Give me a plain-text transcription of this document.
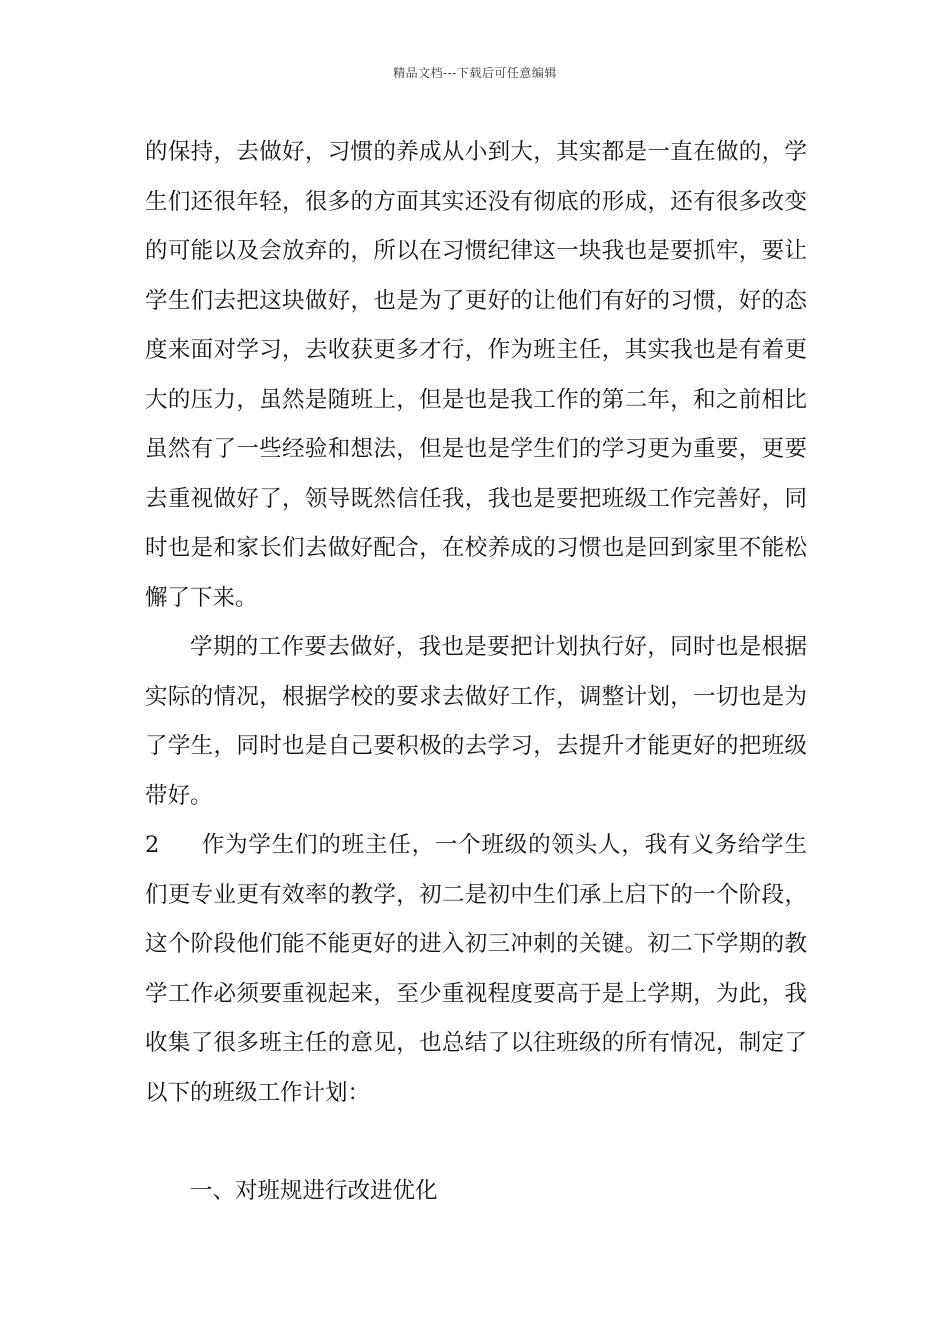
精品文档---下载后可任意编辑

的保持，去做好，习惯的养成从小到大，其实都是一直在做的，学生们还很年轻，很多的方面其实还没有彻底的形成，还有很多改变的可能以及会放弃的，所以在习惯纪律这一块我也是要抓牢，要让学生们去把这块做好，也是为了更好的让他们有好的习惯，好的态度来面对学习，去收获更多才行，作为班主任，其实我也是有着更大的压力，虽然是随班上，但是也是我工作的第二年，和之前相比虽然有了一些经验和想法，但是也是学生们的学习更为重要，更要去重视做好了，领导既然信任我，我也是要把班级工作完善好，同时也是和家长们去做好配合，在校养成的习惯也是回到家里不能松懈了下来。

学期的工作要去做好，我也是要把计划执行好，同时也是根据实际的情况，根据学校的要求去做好工作，调整计划，一切也是为了学生，同时也是自己要积极的去学习，去提升才能更好的把班级带好。

2 作为学生们的班主任，一个班级的领头人，我有义务给学生们更专业更有效率的教学，初二是初中生们承上启下的一个阶段，这个阶段他们能不能更好的进入初三冲刺的关键。初二下学期的教学工作必须要重视起来，至少重视程度要高于是上学期，为此，我收集了很多班主任的意见，也总结了以往班级的所有情况，制定了以下的班级工作计划：

一、对班规进行改进优化
